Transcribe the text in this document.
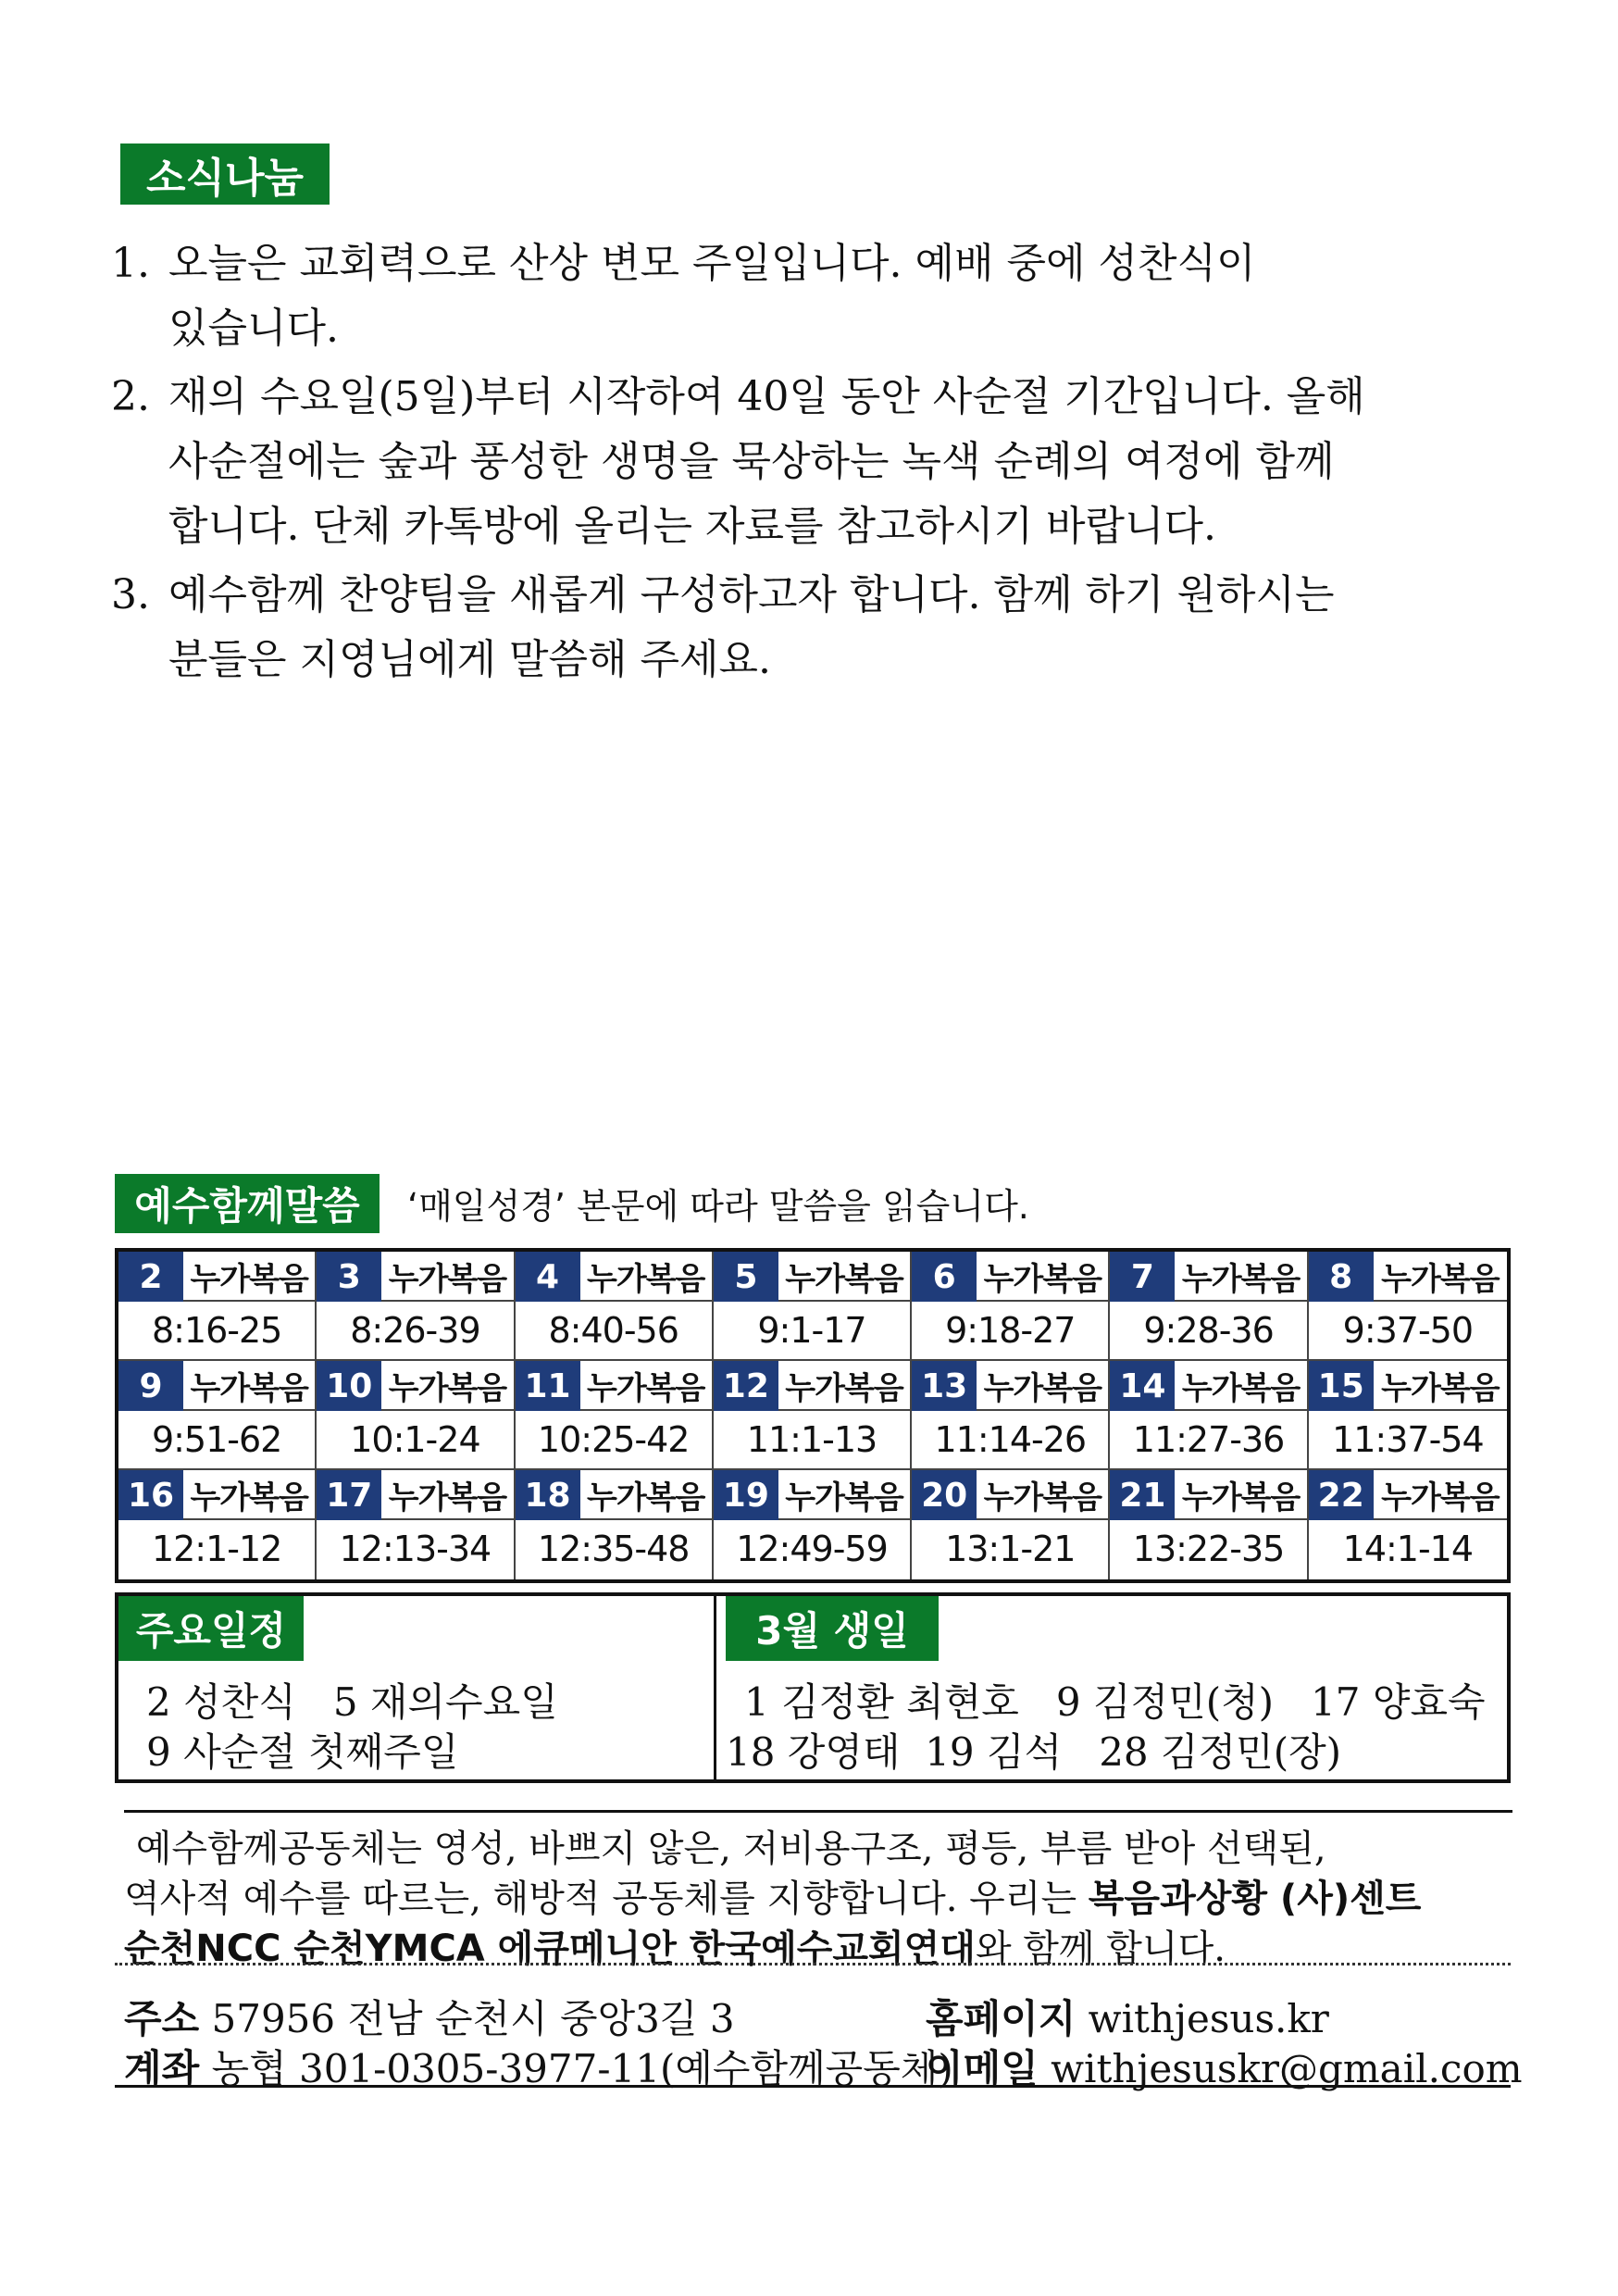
소식나눔
1. 오늘은 교회력으로 산상 변모 주일입니다. 예배 중에 성찬식이
있습니다.
2. 재의 수요일(5일)부터 시작하여 40일 동안 사순절 기간입니다. 올해
사순절에는 숲과 풍성한 생명을 묵상하는 녹색 순례의 여정에 함께
합니다. 단체 카톡방에 올리는 자료를 참고하시기 바랍니다.
3. 예수함께 찬양팀을 새롭게 구성하고자 합니다. 함께 하기 원하시는
분들은 지영님에게 말씀해 주세요.
예수함께말씀	‘매일성경’ 본문에 따라 말씀을 읽습니다.
2 누가복음
8:16-25
3 누가복음
8:26-39
4 누가복음
8:40-56
5 누가복음
9:1-17
6 누가복음
9:18-27
7 누가복음
9:28-36
8 누가복음
9:37-50
9 누가복음
9:51-62
10 누가복음
10:1-24
11 누가복음
10:25-42
12 누가복음
11:1-13
13 누가복음
11:14-26
14 누가복음
11:27-36
15 누가복음
11:37-54
16 누가복음
12:1-12
17 누가복음
12:13-34
18 누가복음
12:35-48
19 누가복음
12:49-59
20 누가복음
13:1-21
21 누가복음
13:22-35
22 누가복음
14:1-14
주요일정
2 성찬식   5 재의수요일
9 사순절 첫째주일
3월 생일
1 김정환 최현호   9 김정민(청)   17 양효숙
18 강영태  19 김석   28 김정민(장)
예수함께공동체는 영성, 바쁘지 않은, 저비용구조, 평등, 부름 받아 선택된,
역사적 예수를 따르는, 해방적 공동체를 지향합니다. 우리는 복음과상황 (사)센트
순천NCC 순천YMCA 에큐메니안 한국예수교회연대와 함께 합니다.
주소 57956 전남 순천시 중앙3길 3	홈페이지 withjesus.kr
계좌 농협 301-0305-3977-11(예수함께공동체)
이메일 withjesuskr@gmail.com
